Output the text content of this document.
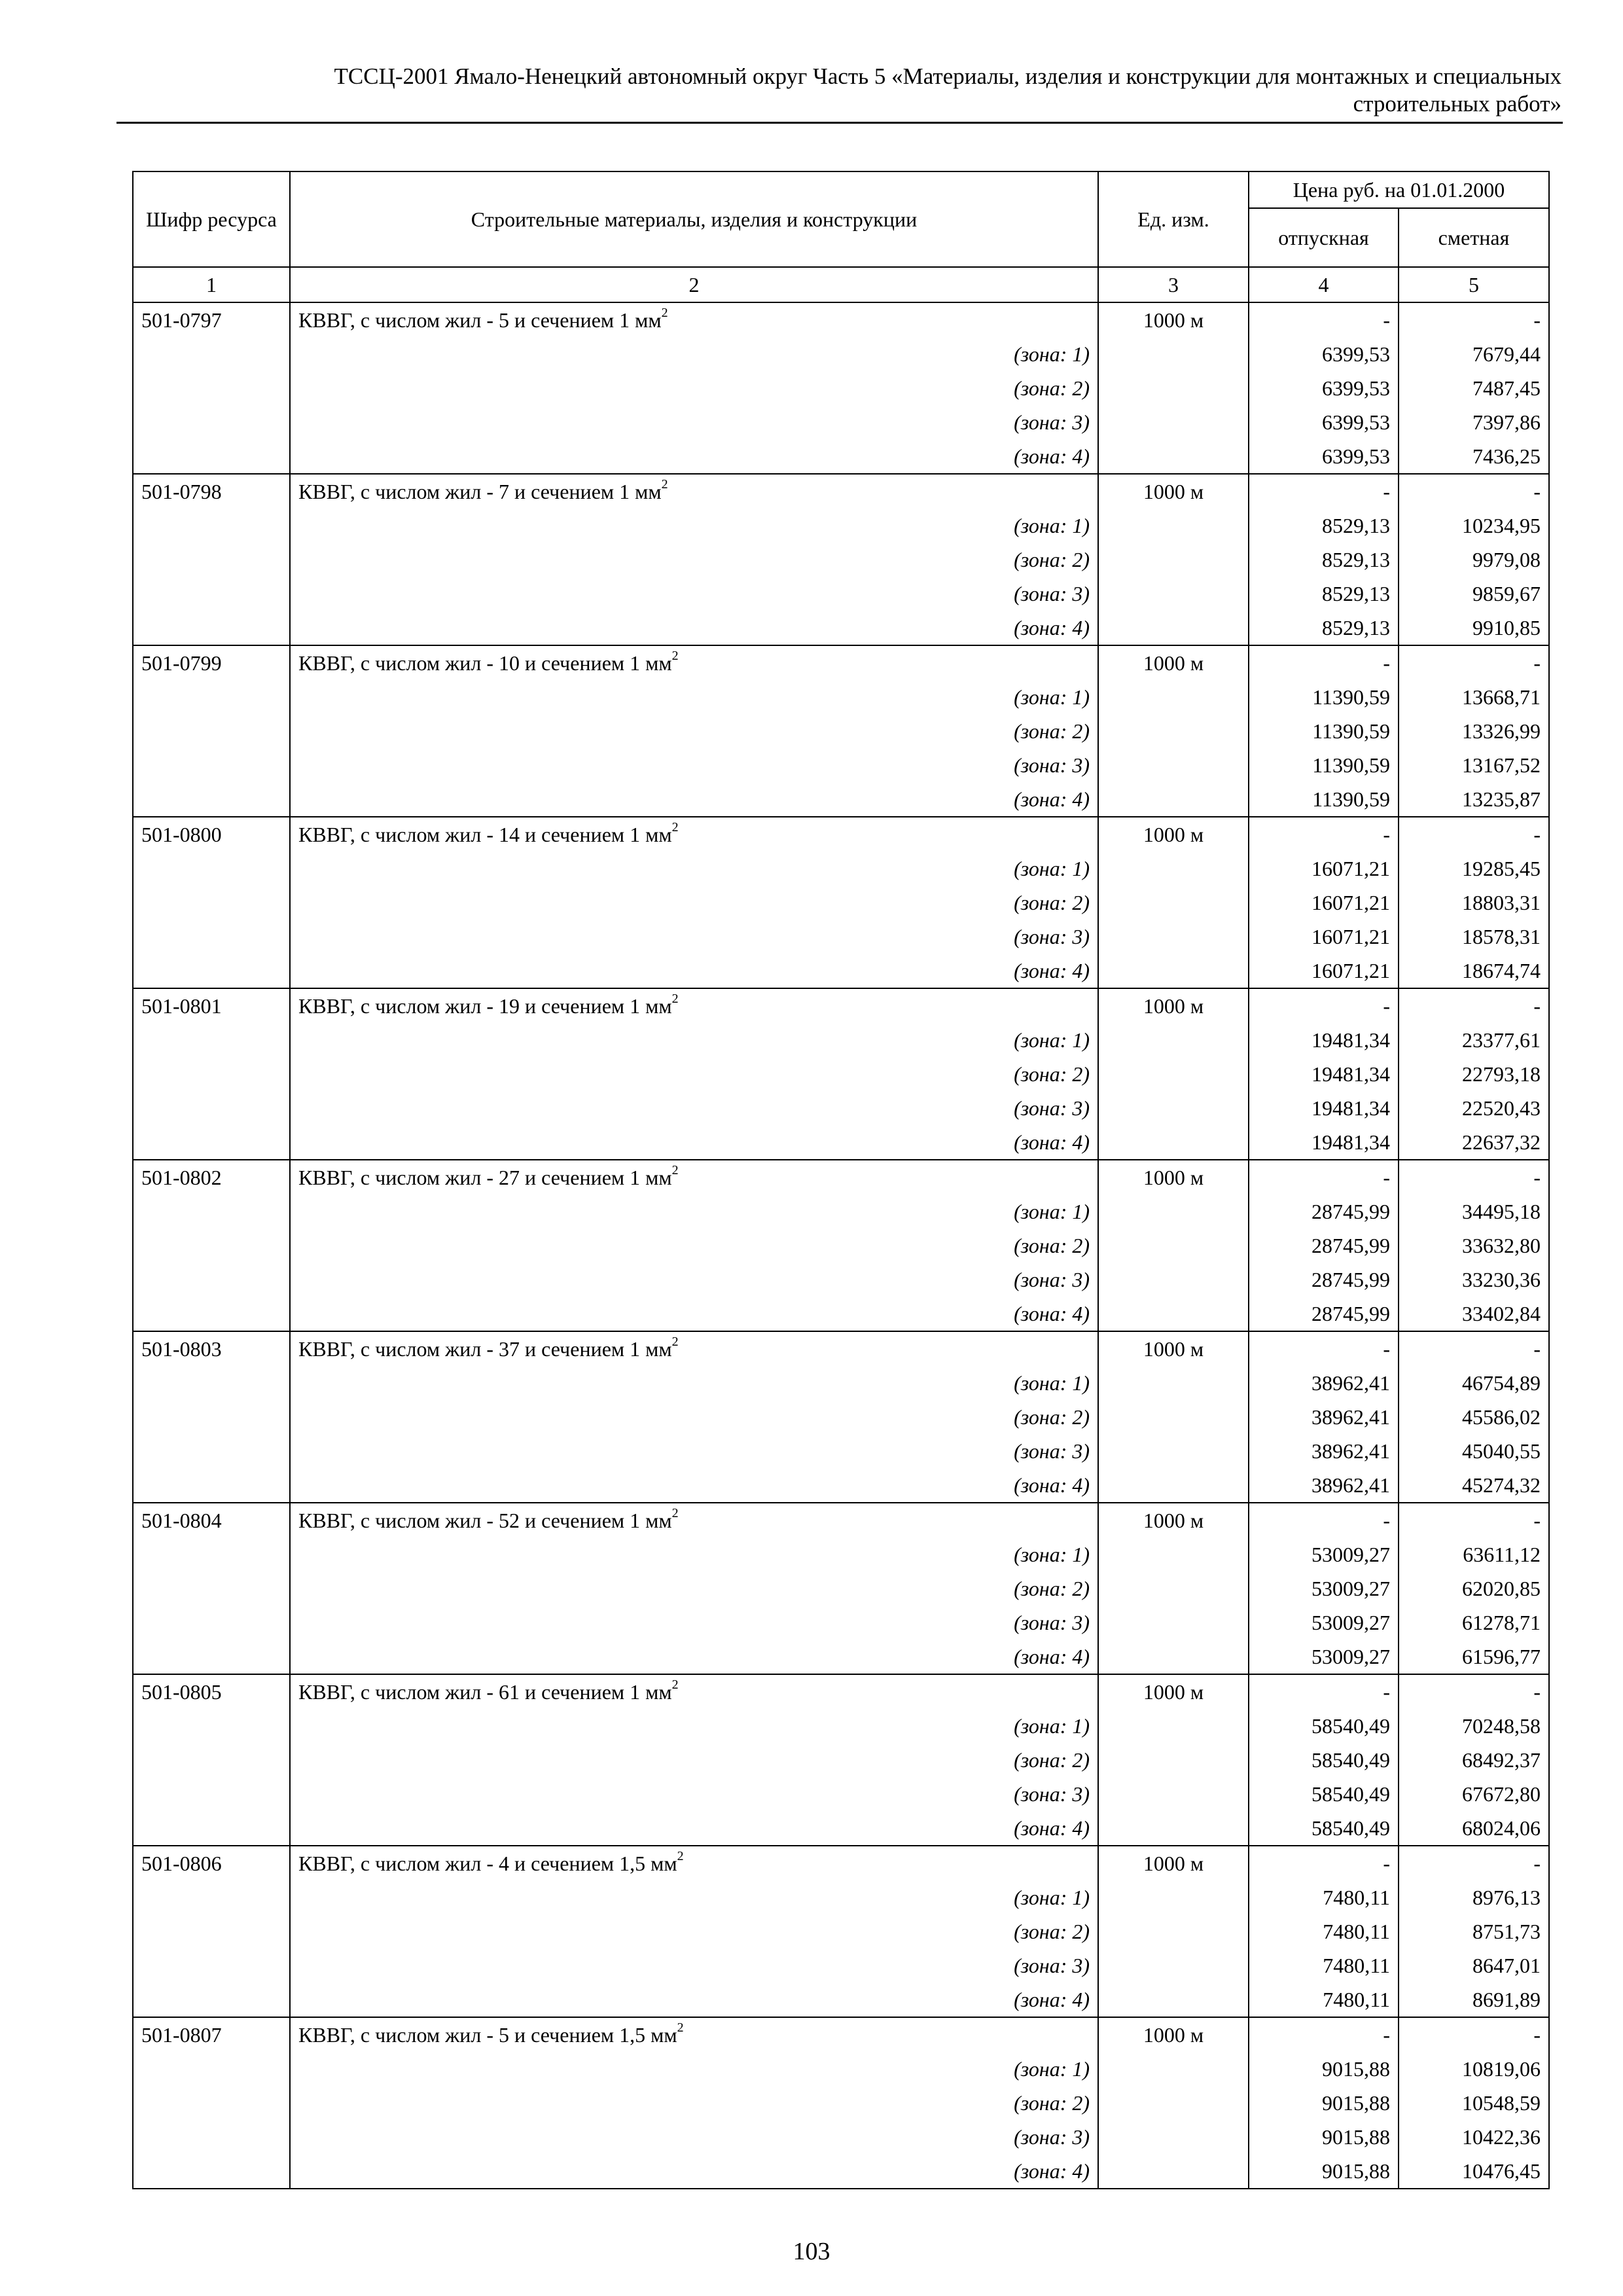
ТССЦ-2001 Ямало-Ненецкий автономный округ Часть 5 «Материалы, изделия и конструкции для монтажных и специальных
строительных работ»
Шифр ресурса	Строительные материалы, изделия и конструкции	Ед. изм.	Цена руб. на 01.01.2000	
			отпускная	сметная
1	2	3	4	5
501-0797	КВВГ, с числом жил - 5 и сечением 1 $мм^2$	1000 м	-	-
	(зона: 1)		6399,53	7679,44
	(зона: 2)		6399,53	7487,45
	(зона: 3)		6399,53	7397,86
	(зона: 4)		6399,53	7436,25
501-0798	КВВГ, с числом жил - 7 и сечением 1 $мм^2$	1000 м	-	-
	(зона: 1)		8529,13	10234,95
	(зона: 2)		8529,13	9979,08
	(зона: 3)		8529,13	9859,67
	(зона: 4)		8529,13	9910,85
501-0799	КВВГ, с числом жил - 10 и сечением 1 $мм^2$	1000 м	-	-
	(зона: 1)		11390,59	13668,71
	(зона: 2)		11390,59	13326,99
	(зона: 3)		11390,59	13167,52
	(зона: 4)		11390,59	13235,87
501-0800	КВВГ, с числом жил - 14 и сечением 1 $мм^2$	1000 м	-	-
	(зона: 1)		16071,21	19285,45
	(зона: 2)		16071,21	18803,31
	(зона: 3)		16071,21	18578,31
	(зона: 4)		16071,21	18674,74
501-0801	КВВГ, с числом жил - 19 и сечением 1 $мм^2$	1000 м	-	-
	(зона: 1)		19481,34	23377,61
	(зона: 2)		19481,34	22793,18
	(зона: 3)		19481,34	22520,43
	(зона: 4)		19481,34	22637,32
501-0802	КВВГ, с числом жил - 27 и сечением 1 $мм^2$	1000 м	-	-
	(зона: 1)		28745,99	34495,18
	(зона: 2)		28745,99	33632,80
	(зона: 3)		28745,99	33230,36
	(зона: 4)		28745,99	33402,84
501-0803	КВВГ, с числом жил - 37 и сечением 1 $мм^2$	1000 м	-	-
	(зона: 1)		38962,41	46754,89
	(зона: 2)		38962,41	45586,02
	(зона: 3)		38962,41	45040,55
	(зона: 4)		38962,41	45274,32
501-0804	КВВГ, с числом жил - 52 и сечением 1 $мм^2$	1000 м	-	-
	(зона: 1)		53009,27	63611,12
	(зона: 2)		53009,27	62020,85
	(зона: 3)		53009,27	61278,71
	(зона: 4)		53009,27	61596,77
501-0805	КВВГ, с числом жил - 61 и сечением 1 $мм^2$	1000 м	-	-
	(зона: 1)		58540,49	70248,58
	(зона: 2)		58540,49	68492,37
	(зона: 3)		58540,49	67672,80
	(зона: 4)		58540,49	68024,06
501-0806	КВВГ, с числом жил - 4 и сечением 1,5 $мм^2$	1000 м	-	-
	(зона: 1)		7480,11	8976,13
	(зона: 2)		7480,11	8751,73
	(зона: 3)		7480,11	8647,01
	(зона: 4)		7480,11	8691,89
501-0807	КВВГ, с числом жил - 5 и сечением 1,5 $мм^2$	1000 м	-	-
	(зона: 1)		9015,88	10819,06
	(зона: 2)		9015,88	10548,59
	(зона: 3)		9015,88	10422,36
	(зона: 4)		9015,88	10476,45
103
